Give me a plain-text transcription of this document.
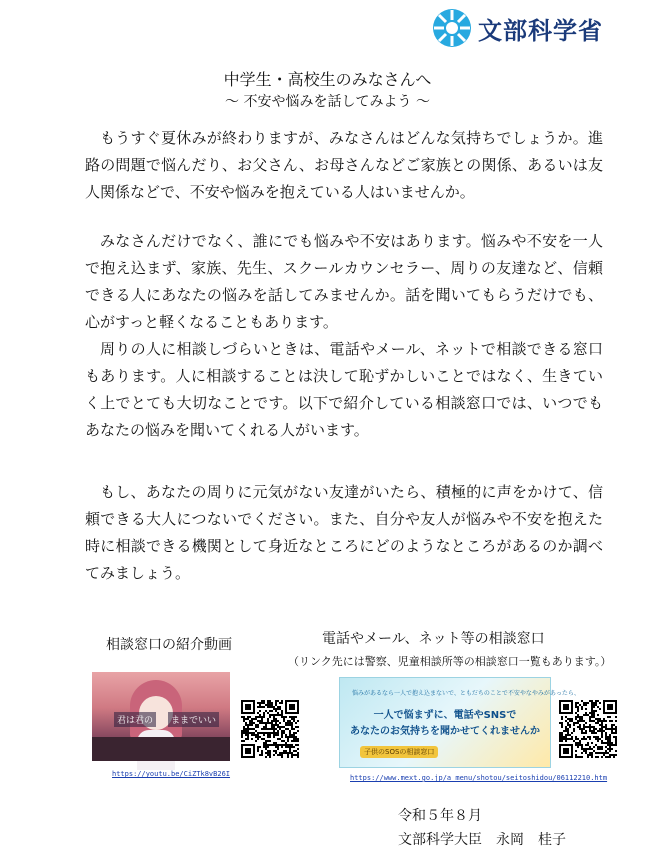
文部科学省
中学生・高校生のみなさんへ
～ 不安や悩みを話してみよう ～

もうすぐ夏休みが終わりますが、みなさんはどんな気持ちでしょうか。進路の問題で悩んだり、お父さん、お母さんなどご家族との関係、あるいは友人関係などで、不安や悩みを抱えている人はいませんか。

みなさんだけでなく、誰にでも悩みや不安はあります。悩みや不安を一人で抱え込まず、家族、先生、スクールカウンセラー、周りの友達など、信頼できる人にあなたの悩みを話してみませんか。話を聞いてもらうだけでも、心がすっと軽くなることもあります。

周りの人に相談しづらいときは、電話やメール、ネットで相談できる窓口もあります。人に相談することは決して恥ずかしいことではなく、生きていく上でとても大切なことです。以下で紹介している相談窓口では、いつでもあなたの悩みを聞いてくれる人がいます。

もし、あなたの周りに元気がない友達がいたら、積極的に声をかけて、信頼できる大人につないでください。また、自分や友人が悩みや不安を抱えた時に相談できる機関として身近なところにどのようなところがあるのか調べてみましょう。

相談窓口の紹介動画
君は君の	ままでいい
https://youtu.be/CiZTk8vB26I
電話やメール、ネット等の相談窓口
（リンク先には警察、児童相談所等の相談窓口一覧もあります。）
悩みがあるなら一人で抱え込まないで、ともだちのことで不安やなやみがあったら、
一人で悩まずに、電話やSNSで
あなたのお気持ちを聞かせてくれませんか
子供のSOSの相談窓口
https://www.mext.go.jp/a_menu/shotou/seitoshidou/06112210.htm
令和５年８月
文部科学大臣　永岡　桂子
